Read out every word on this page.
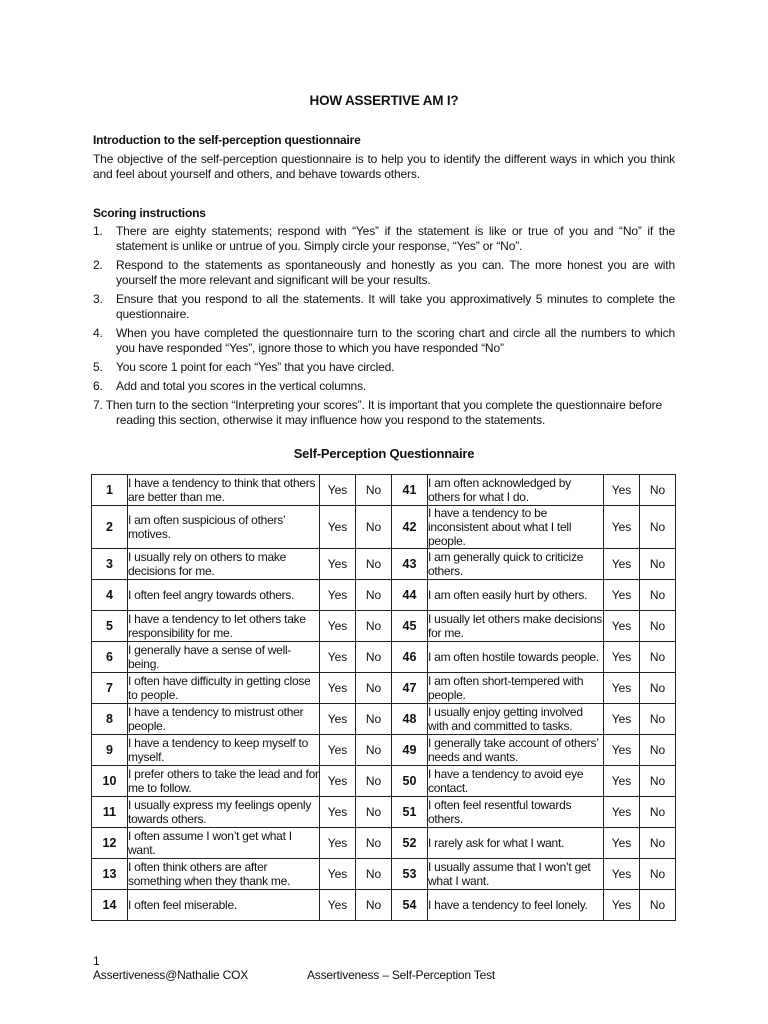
HOW ASSERTIVE AM I?
Introduction to the self-perception questionnaire
The objective of the self-perception questionnaire is to help you to identify the different ways in which you think and feel about yourself and others, and behave towards others.
Scoring instructions
1. There are eighty statements; respond with “Yes” if the statement is like or true of you and “No” if the statement is unlike or untrue of you. Simply circle your response, “Yes” or “No”.
2. Respond to the statements as spontaneously and honestly as you can. The more honest you are with yourself the more relevant and significant will be your results.
3. Ensure that you respond to all the statements. It will take you approximatively 5 minutes to complete the questionnaire.
4. When you have completed the questionnaire turn to the scoring chart and circle all the numbers to which you have responded “Yes”, ignore those to which you have responded “No”
5. You score 1 point for each “Yes” that you have circled.
6. Add and total you scores in the vertical columns.
7. Then turn to the section “Interpreting your scores”. It is important that you complete the questionnaire before
reading this section, otherwise it may influence how you respond to the statements.
Self-Perception Questionnaire
1	I have a tendency to think that others are better than me.	Yes	No	41	I am often acknowledged by others for what I do.	Yes	No
2	I am often suspicious of others’ motives.	Yes	No	42	I have a tendency to be inconsistent about what I tell people.	Yes	No
3	I usually rely on others to make decisions for me.	Yes	No	43	I am generally quick to criticize others.	Yes	No
4	I often feel angry towards others.	Yes	No	44	I am often easily hurt by others.	Yes	No
5	I have a tendency to let others take responsibility for me.	Yes	No	45	I usually let others make decisions for me.	Yes	No
6	I generally have a sense of well-being.	Yes	No	46	I am often hostile towards people.	Yes	No
7	I often have difficulty in getting close to people.	Yes	No	47	I am often short-tempered with people.	Yes	No
8	I have a tendency to mistrust other people.	Yes	No	48	I usually enjoy getting involved with and committed to tasks.	Yes	No
9	I have a tendency to keep myself to myself.	Yes	No	49	I generally take account of others’ needs and wants.	Yes	No
10	I prefer others to take the lead and for me to follow.	Yes	No	50	I have a tendency to avoid eye contact.	Yes	No
11	I usually express my feelings openly towards others.	Yes	No	51	I often feel resentful towards others.	Yes	No
12	I often assume I won’t get what I want.	Yes	No	52	I rarely ask for what I want.	Yes	No
13	I often think others are after something when they thank me.	Yes	No	53	I usually assume that I won’t get what I want.	Yes	No
14	I often feel miserable.	Yes	No	54	I have a tendency to feel lonely.	Yes	No
1
Assertiveness@Nathalie COX	Assertiveness – Self-Perception Test
